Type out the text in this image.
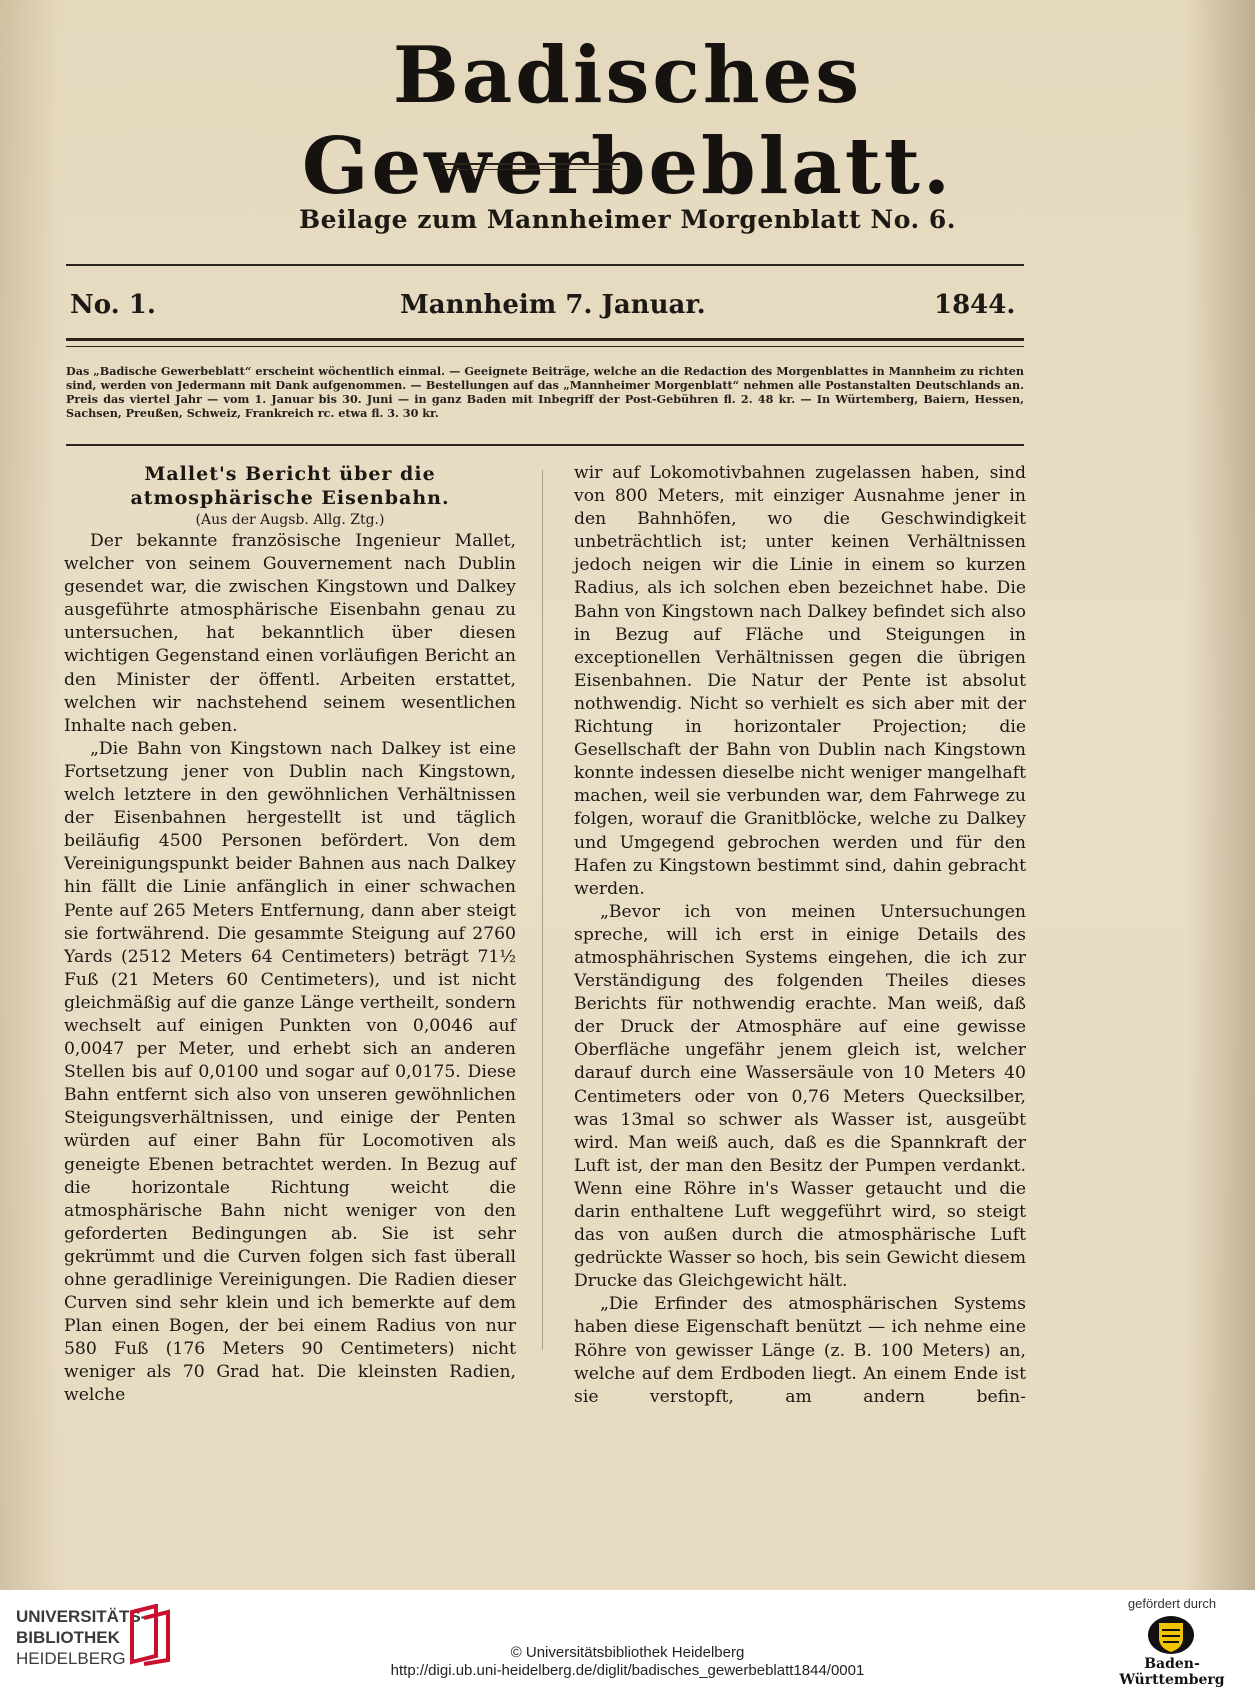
Badisches Gewerbeblatt.
Beilage zum Mannheimer Morgenblatt No. 6.
No. 1.	Mannheim 7. Januar.	1844.
Das „Badische Gewerbeblatt“ erscheint wöchentlich einmal. — Geeignete Beiträge, welche an die Redaction des Morgenblattes in Mannheim zu richten sind, werden von Jedermann mit Dank aufgenommen. — Bestellungen auf das „Mannheimer Morgenblatt“ nehmen alle Postanstalten Deutschlands an. Preis das viertel Jahr — vom 1. Januar bis 30. Juni — in ganz Baden mit Inbegriff der Post-Gebühren fl. 2. 48 kr. — In Würtemberg, Baiern, Hessen, Sachsen, Preußen, Schweiz, Frankreich rc. etwa fl. 3. 30 kr.

Mallet's Bericht über die atmosphärische Eisenbahn.

(Aus der Augsb. Allg. Ztg.)

Der bekannte französische Ingenieur Mallet, welcher von seinem Gouvernement nach Dublin gesendet war, die zwischen Kingstown und Dalkey ausgeführte atmosphärische Eisenbahn genau zu untersuchen, hat bekanntlich über diesen wichtigen Gegenstand einen vorläufigen Bericht an den Minister der öffentl. Arbeiten erstattet, welchen wir nachstehend seinem wesentlichen Inhalte nach geben.

„Die Bahn von Kingstown nach Dalkey ist eine Fortsetzung jener von Dublin nach Kingstown, welch letztere in den gewöhnlichen Verhältnissen der Eisenbahnen hergestellt ist und täglich beiläufig 4500 Personen befördert. Von dem Vereinigungspunkt beider Bahnen aus nach Dalkey hin fällt die Linie anfänglich in einer schwachen Pente auf 265 Meters Entfernung, dann aber steigt sie fortwährend. Die gesammte Steigung auf 2760 Yards (2512 Meters 64 Centimeters) beträgt 71½ Fuß (21 Meters 60 Centimeters), und ist nicht gleichmäßig auf die ganze Länge vertheilt, sondern wechselt auf einigen Punkten von 0,0046 auf 0,0047 per Meter, und erhebt sich an anderen Stellen bis auf 0,0100 und sogar auf 0,0175. Diese Bahn entfernt sich also von unseren gewöhnlichen Steigungsverhältnissen, und einige der Penten würden auf einer Bahn für Locomotiven als geneigte Ebenen betrachtet werden. In Bezug auf die horizontale Richtung weicht die atmosphärische Bahn nicht weniger von den geforderten Bedingungen ab. Sie ist sehr gekrümmt und die Curven folgen sich fast überall ohne geradlinige Vereinigungen. Die Radien dieser Curven sind sehr klein und ich bemerkte auf dem Plan einen Bogen, der bei einem Radius von nur 580 Fuß (176 Meters 90 Centimeters) nicht weniger als 70 Grad hat. Die kleinsten Radien, welche

wir auf Lokomotivbahnen zugelassen haben, sind von 800 Meters, mit einziger Ausnahme jener in den Bahnhöfen, wo die Geschwindigkeit unbeträchtlich ist; unter keinen Verhältnissen jedoch neigen wir die Linie in einem so kurzen Radius, als ich solchen eben bezeichnet habe. Die Bahn von Kingstown nach Dalkey befindet sich also in Bezug auf Fläche und Steigungen in exceptionellen Verhältnissen gegen die übrigen Eisenbahnen. Die Natur der Pente ist absolut nothwendig. Nicht so verhielt es sich aber mit der Richtung in horizontaler Projection; die Gesellschaft der Bahn von Dublin nach Kingstown konnte indessen dieselbe nicht weniger mangelhaft machen, weil sie verbunden war, dem Fahrwege zu folgen, worauf die Granitblöcke, welche zu Dalkey und Umgegend gebrochen werden und für den Hafen zu Kingstown bestimmt sind, dahin gebracht werden.

„Bevor ich von meinen Untersuchungen spreche, will ich erst in einige Details des atmosphährischen Systems eingehen, die ich zur Verständigung des folgenden Theiles dieses Berichts für nothwendig erachte. Man weiß, daß der Druck der Atmosphäre auf eine gewisse Oberfläche ungefähr jenem gleich ist, welcher darauf durch eine Wassersäule von 10 Meters 40 Centimeters oder von 0,76 Meters Quecksilber, was 13mal so schwer als Wasser ist, ausgeübt wird. Man weiß auch, daß es die Spannkraft der Luft ist, der man den Besitz der Pumpen verdankt. Wenn eine Röhre in's Wasser getaucht und die darin enthaltene Luft weggeführt wird, so steigt das von außen durch die atmosphärische Luft gedrückte Wasser so hoch, bis sein Gewicht diesem Drucke das Gleichgewicht hält.

„Die Erfinder des atmosphärischen Systems haben diese Eigenschaft benützt — ich nehme eine Röhre von gewisser Länge (z. B. 100 Meters) an, welche auf dem Erdboden liegt. An einem Ende ist sie verstopft, am andern befin-

UNIVERSITÄTS-
BIBLIOTHEK
HEIDELBERG	© Universitätsbibliothek Heidelberg
http://digi.ub.uni-heidelberg.de/diglit/badisches_gewerbeblatt1844/0001
gefördert durch
Baden-Württemberg
